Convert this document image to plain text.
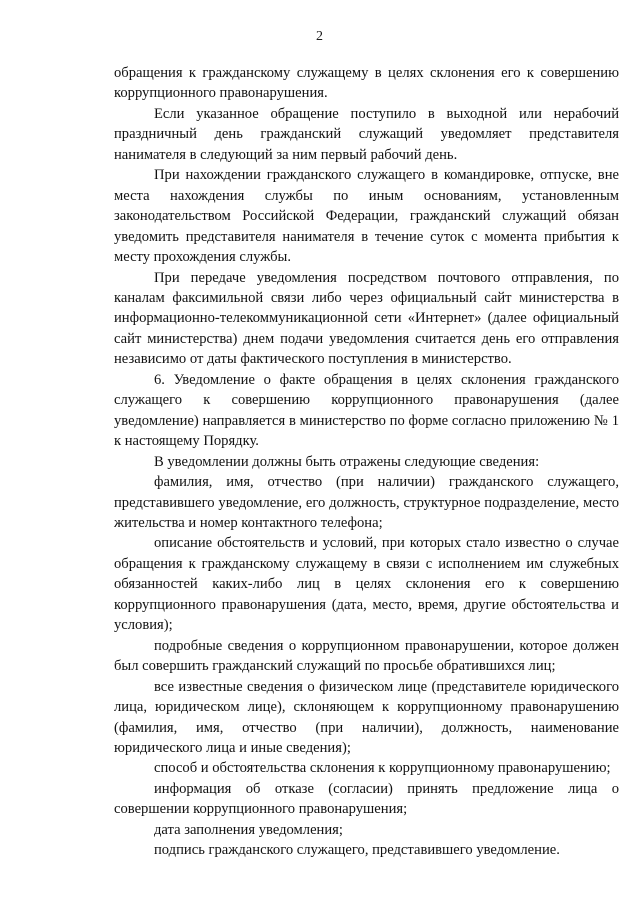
2

обращения к гражданскому служащему в целях склонения его к совершению коррупционного правонарушения.

Если указанное обращение поступило в выходной или нерабочий праздничный день гражданский служащий уведомляет представителя нанимателя в следующий за ним первый рабочий день.

При нахождении гражданского служащего в командировке, отпуске, вне места нахождения службы по иным основаниям, установленным законодательством Российской Федерации, гражданский служащий обязан уведомить представителя нанимателя в течение суток с момента прибытия к месту прохождения службы.

При передаче уведомления посредством почтового отправления, по каналам факсимильной связи либо через официальный сайт министерства в информационно-телекоммуникационной сети «Интернет» (далее официальный сайт министерства) днем подачи уведомления считается день его отправления независимо от даты фактического поступления в министерство.

6. Уведомление о факте обращения в целях склонения гражданского служащего к совершению коррупционного правонарушения (далее уведомление) направляется в министерство по форме согласно приложению № 1 к настоящему Порядку.

В уведомлении должны быть отражены следующие сведения:

фамилия, имя, отчество (при наличии) гражданского служащего, представившего уведомление, его должность, структурное подразделение, место жительства и номер контактного телефона;

описание обстоятельств и условий, при которых стало известно о случае обращения к гражданскому служащему в связи с исполнением им служебных обязанностей каких-либо лиц в целях склонения его к совершению коррупционного правонарушения (дата, место, время, другие обстоятельства и условия);

подробные сведения о коррупционном правонарушении, которое должен был совершить гражданский служащий по просьбе обратившихся лиц;

все известные сведения о физическом лице (представителе юридического лица, юридическом лице), склоняющем к коррупционному правонарушению (фамилия, имя, отчество (при наличии), должность, наименование юридического лица и иные сведения);

способ и обстоятельства склонения к коррупционному правонарушению;

информация об отказе (согласии) принять предложение лица о совершении коррупционного правонарушения;

дата заполнения уведомления;

подпись гражданского служащего, представившего уведомление.
